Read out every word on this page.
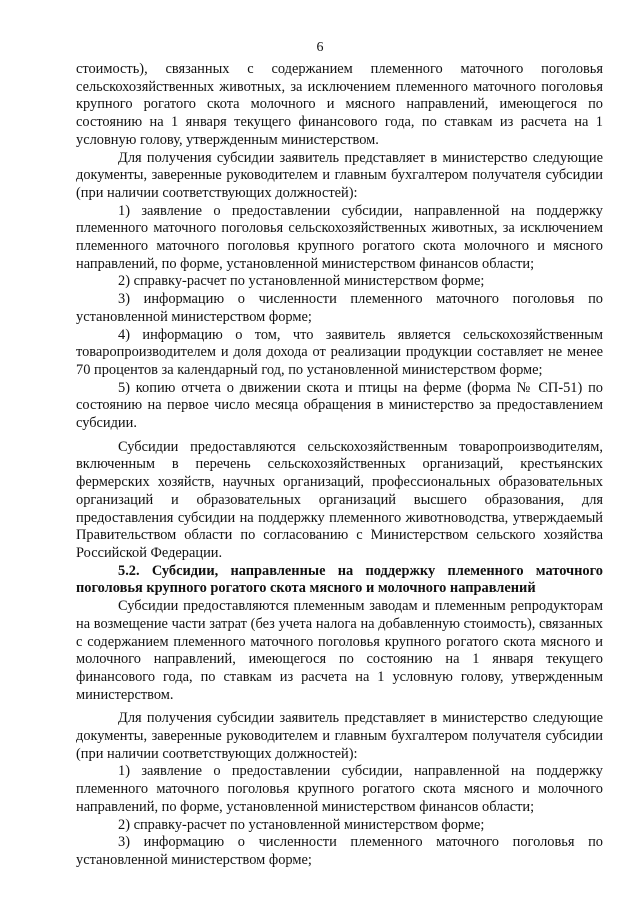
6

стоимость), связанных с содержанием племенного маточного поголовья сельскохозяйственных животных, за исключением племенного маточного поголовья крупного рогатого скота молочного и мясного направлений, имеющегося по состоянию на 1 января текущего финансового года, по ставкам из расчета на 1 условную голову, утвержденным министерством.

Для получения субсидии заявитель представляет в министерство следующие документы, заверенные руководителем и главным бухгалтером получателя субсидии (при наличии соответствующих должностей):

1) заявление о предоставлении субсидии, направленной на поддержку племенного маточного поголовья сельскохозяйственных животных, за исключением племенного маточного поголовья крупного рогатого скота молочного и мясного направлений, по форме, установленной министерством финансов области;

2) справку-расчет по установленной министерством форме;

3) информацию о численности племенного маточного поголовья по установленной министерством форме;

4) информацию о том, что заявитель является сельскохозяйственным товаропроизводителем и доля дохода от реализации продукции составляет не менее 70 процентов за календарный год, по установленной министерством форме;

5) копию отчета о движении скота и птицы на ферме (форма № СП-51) по состоянию на первое число месяца обращения в министерство за предоставлением субсидии.

Субсидии предоставляются сельскохозяйственным товаропроизводителям, включенным в перечень сельскохозяйственных организаций, крестьянских фермерских хозяйств, научных организаций, профессиональных образовательных организаций и образовательных организаций высшего образования, для предоставления субсидии на поддержку племенного животноводства, утверждаемый Правительством области по согласованию с Министерством сельского хозяйства Российской Федерации.

5.2. Субсидии, направленные на поддержку племенного маточного поголовья крупного рогатого скота мясного и молочного направлений

Субсидии предоставляются племенным заводам и племенным репродукторам на возмещение части затрат (без учета налога на добавленную стоимость), связанных с содержанием племенного маточного поголовья крупного рогатого скота мясного и молочного направлений, имеющегося по состоянию на 1 января текущего финансового года, по ставкам из расчета на 1 условную голову, утвержденным министерством.

Для получения субсидии заявитель представляет в министерство следующие документы, заверенные руководителем и главным бухгалтером получателя субсидии (при наличии соответствующих должностей):

1) заявление о предоставлении субсидии, направленной на поддержку племенного маточного поголовья крупного рогатого скота мясного и молочного направлений, по форме, установленной министерством финансов области;

2) справку-расчет по установленной министерством форме;

3) информацию о численности племенного маточного поголовья по установленной министерством форме;
